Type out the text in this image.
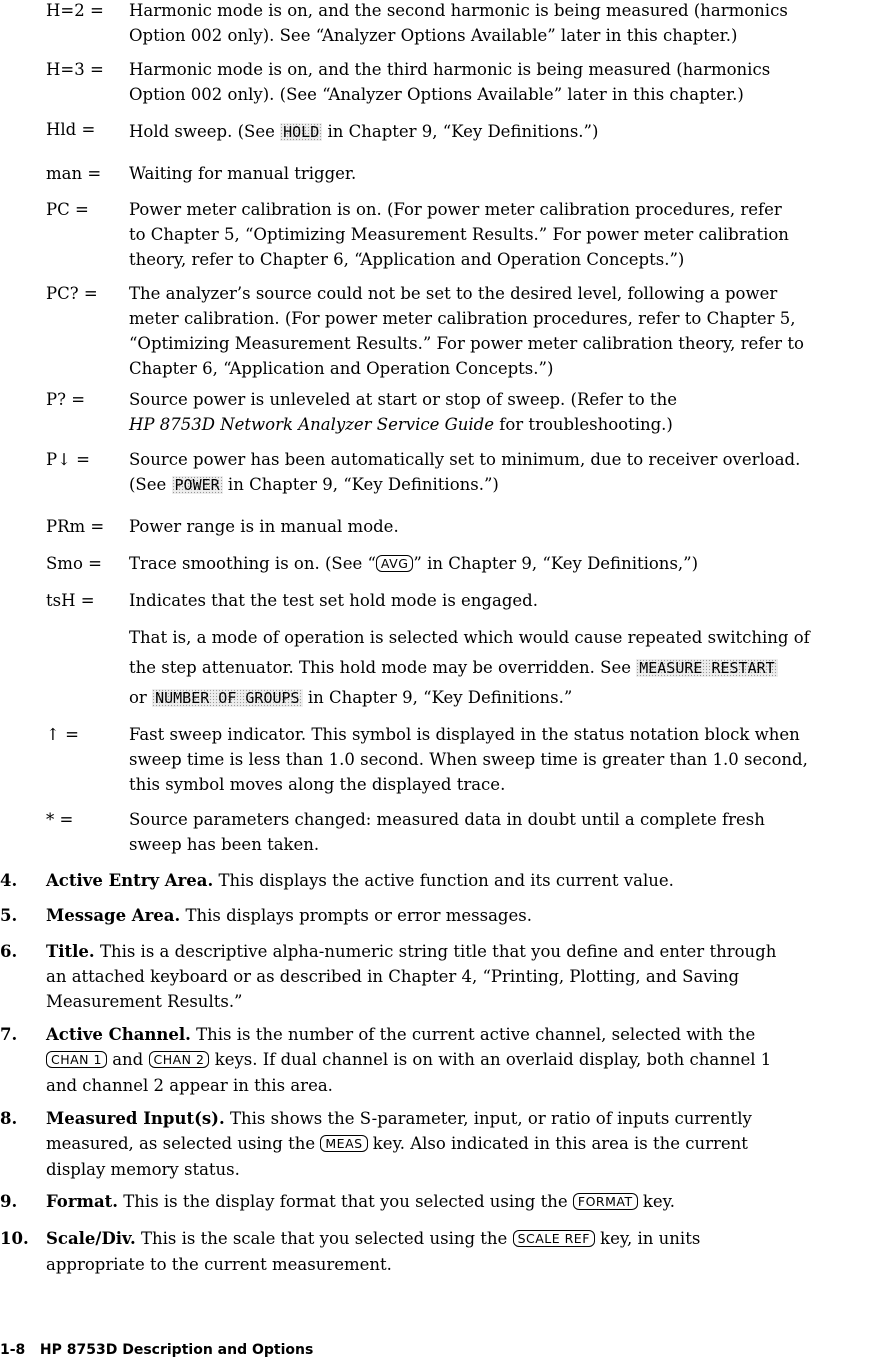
H=2 =	Harmonic mode is on, and the second harmonic is being measured (harmonics
Option 002 only). See “Analyzer Options Available” later in this chapter.)
H=3 =	Harmonic mode is on, and the third harmonic is being measured (harmonics
Option 002 only). (See “Analyzer Options Available” later in this chapter.)
Hld =	Hold sweep. (See HOLD in Chapter 9, “Key Definitions.”)
man =	Waiting for manual trigger.
PC =	Power meter calibration is on. (For power meter calibration procedures, refer
to Chapter 5, “Optimizing Measurement Results.” For power meter calibration
theory, refer to Chapter 6, “Application and Operation Concepts.”)
PC? =	The analyzer’s source could not be set to the desired level, following a power
meter calibration. (For power meter calibration procedures, refer to Chapter 5,
“Optimizing Measurement Results.” For power meter calibration theory, refer to
Chapter 6, “Application and Operation Concepts.”)
P? =	Source power is unleveled at start or stop of sweep. (Refer to the
HP 8753D Network Analyzer Service Guide for troubleshooting.)
P↓ =	Source power has been automatically set to minimum, due to receiver overload.
(See POWER in Chapter 9, “Key Definitions.”)
PRm =	Power range is in manual mode.
Smo =	Trace smoothing is on. (See “ AVG ” in Chapter 9, “Key Definitions,”)
tsH =	Indicates that the test set hold mode is engaged.
That is, a mode of operation is selected which would cause repeated switching of
the step attenuator. This hold mode may be overridden. See MEASURE RESTART
or NUMBER OF GROUPS in Chapter 9, “Key Definitions.”
↑ =	Fast sweep indicator. This symbol is displayed in the status notation block when
sweep time is less than 1.0 second. When sweep time is greater than 1.0 second,
this symbol moves along the displayed trace.
* =	Source parameters changed: measured data in doubt until a complete fresh
sweep has been taken.
4. Active Entry Area. This displays the active function and its current value.
5. Message Area. This displays prompts or error messages.
6. Title. This is a descriptive alpha-numeric string title that you define and enter through
an attached keyboard or as described in Chapter 4, “Printing, Plotting, and Saving
Measurement Results.”
7. Active Channel. This is the number of the current active channel, selected with the
CHAN 1 and CHAN 2 keys. If dual channel is on with an overlaid display, both channel 1
and channel 2 appear in this area.
8. Measured Input(s). This shows the S-parameter, input, or ratio of inputs currently
measured, as selected using the MEAS key. Also indicated in this area is the current
display memory status.
9. Format. This is the display format that you selected using the FORMAT key.
10. Scale/Div. This is the scale that you selected using the SCALE REF key, in units
appropriate to the current measurement.
1-8 HP 8753D Description and Options
